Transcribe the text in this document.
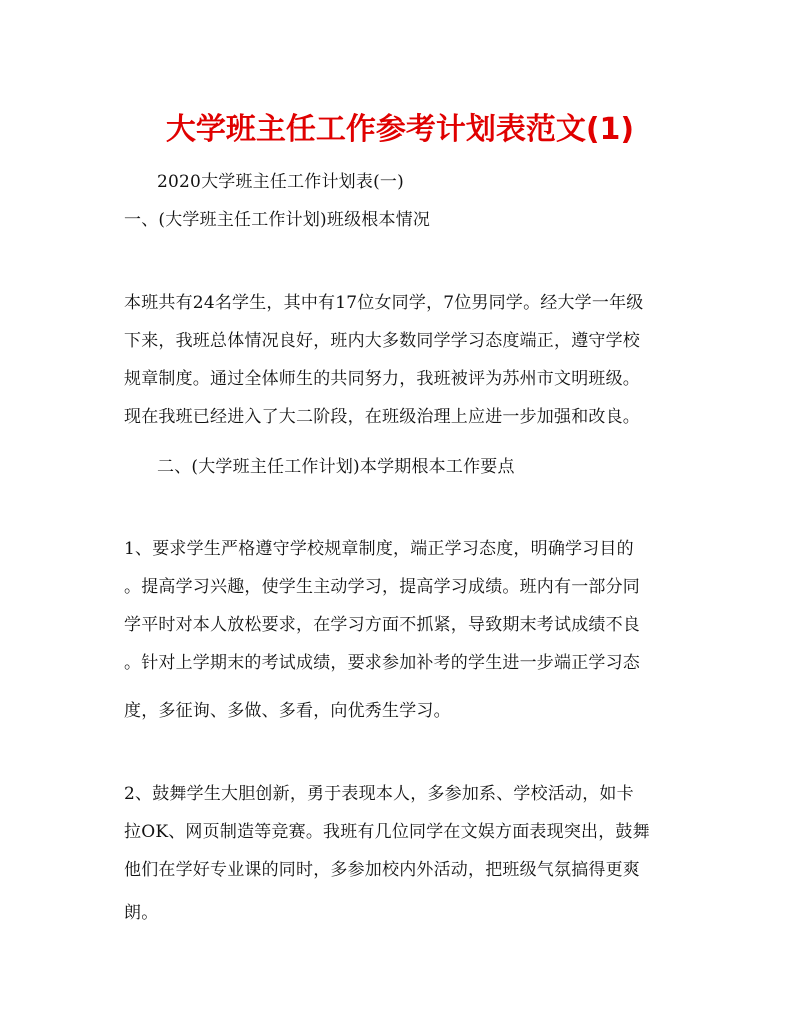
大学班主任工作参考计划表范文(1)
2020大学班主任工作计划表(一)
一、(大学班主任工作计划)班级根本情况
本班共有24名学生，其中有17位女同学，7位男同学。经大学一年级
下来，我班总体情况良好，班内大多数同学学习态度端正，遵守学校
规章制度。通过全体师生的共同努力，我班被评为苏州市文明班级。
现在我班已经进入了大二阶段，在班级治理上应进一步加强和改良。
二、(大学班主任工作计划)本学期根本工作要点
1、要求学生严格遵守学校规章制度，端正学习态度，明确学习目的
。提高学习兴趣，使学生主动学习，提高学习成绩。班内有一部分同
学平时对本人放松要求，在学习方面不抓紧，导致期末考试成绩不良
。针对上学期末的考试成绩，要求参加补考的学生进一步端正学习态
度，多征询、多做、多看，向优秀生学习。
2、鼓舞学生大胆创新，勇于表现本人，多参加系、学校活动，如卡
拉OK、网页制造等竞赛。我班有几位同学在文娱方面表现突出，鼓舞
他们在学好专业课的同时，多参加校内外活动，把班级气氛搞得更爽
朗。
